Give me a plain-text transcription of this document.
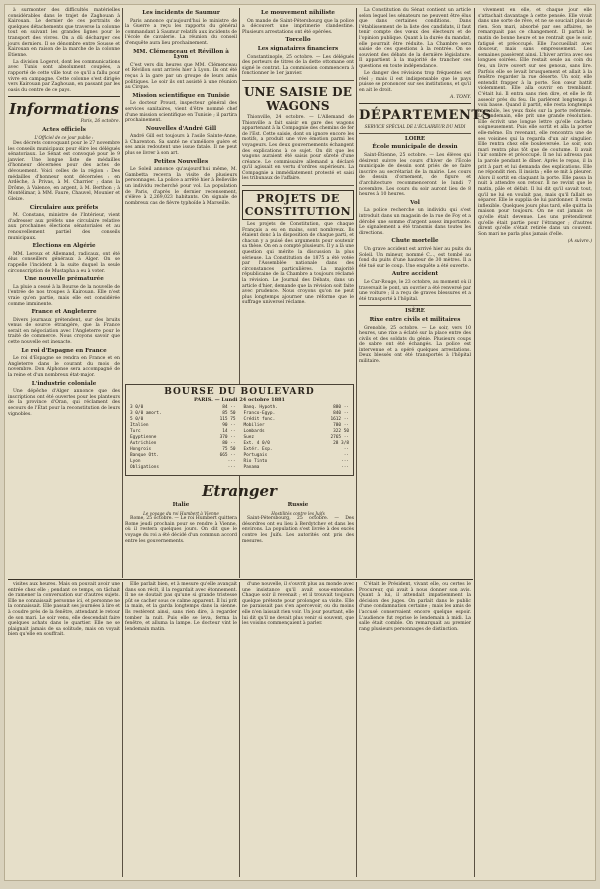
à surmonter des difficultés matérielles considérables dans le trajet de Zaghouan à Kairouan. Le dernier de ces portraits de quelques détachements que traverse la colonne tout en suivant les grandes lignes pour le transport des vivres. On a dû décharger ces jours derniers. Il se dénombre entre Sousse et Kairouan en raison de la marche de la colonne Etienne.

La division Logerot, dont les communications avec Tunis sont absolument coupées, a rapporté de cette ville tout ce qu'il a fallu pour vivre en campagne. Cette colonne s'est dirigée vers Kairouan par Zaghouan, en passant par les oasis du centre de ce pays.

Informations
Paris, 26 octobre.
Actes officiels
L'Officiel de ce jour publie :

Des décrets convoquant pour le 27 novembre les conseils municipaux pour élire les délégués sénatoriaux. Le Sénat est convoqué pour le 9 janvier. Une longue liste de médailles d'honneur décernées pour des actes de dévouement. Voici celles de la région : Des médailles d'honneur sont décernées : en Ardèche, à Privas, à M. Charrier ; dans la Drôme, à Valence, en argent, à M. Berthon ; à Montélimar, à MM. Faure, Chauvel, Mounier et Gleize.

Circulaire aux préfets

M. Constans, ministre de l'Intérieur, vient d'adresser aux préfets une circulaire relative aux prochaines élections sénatoriales et au renouvellement partiel des conseils municipaux.

Elections en Algérie

MM. Leroux et Allemand, radicaux, ont été élus conseillers généraux à Alger. On se rappelle l'incident à la suite duquel la seule circonscription de Mustapha a eu à voter.

Une nouvelle prématurée

La pluie a cessé à la Bourse de la nouvelle de l'entrée de nos troupes à Kairouan. Elle n'est vraie qu'en partie, mais elle est considérée comme imminente.

France et Angleterre

Divers journaux prétendent, sur des bruits venus de source étrangère, que la France serait en négociation avec l'Angleterre pour le traité de commerce. Nous croyons savoir que cette nouvelle est inexacte.

Le roi d'Espagne en France

Le roi d'Espagne se rendra en France et en Angleterre dans le courant du mois de novembre. Don Alphonse sera accompagné de la reine et d'un nombreux état-major.

L'industrie coloniale

Une dépêche d'Alger annonce que des inscriptions ont été ouvertes pour les planteurs de la province d'Oran, qui réclament des secours de l'État pour la reconstitution de leurs vignobles.

Les incidents de Saumur

Paris annonce qu'aujourd'hui le ministre de la Guerre a reçu les rapports du général commandant à Saumur relatifs aux incidents de l'école de cavalerie. La réunion du conseil d'enquête aura lieu prochainement.

MM. Clémenceau et Révillon à Lyon

C'est vers dix heures que MM. Clémenceau et Révillon sont arrivés hier à Lyon. Ils ont été reçus à la gare par un groupe de leurs amis politiques. Le soir ils ont assisté à une réunion au Cirque.

Mission scientifique en Tunisie

Le docteur Proust, inspecteur général des services sanitaires, vient d'être nommé chef d'une mission scientifique en Tunisie ; il partira prochainement.

Nouvelles d'André Gill

André Gill est toujours à l'asile Sainte-Anne, à Charenton. Sa santé ne s'améliore guère et ses amis redoutent une issue fatale. Il ne peut plus se livrer à son art.

Petites Nouvelles

Le Soleil annonce qu'aujourd'hui même, M. Gambetta recevra la visite de plusieurs personnages. La police a arrêté hier à Belleville un individu recherché pour vol. La population de Paris, d'après le dernier recensement, s'élève à 2,269,023 habitants. On signale de nombreux cas de fièvre typhoïde à Marseille.

Le mouvement nihiliste

On mande de Saint-Pétersbourg que la police a découvert une imprimerie clandestine. Plusieurs arrestations ont été opérées.

Torcello
Les signataires financiers

Constantinople, 25 octobre. — Les délégués des porteurs de titres de la dette ottomane ont signé le contrat. La commission commencera à fonctionner le 1er janvier.

UNE SAISIE DE WAGONS

Thionville, 24 octobre. — L'Allemand de Thionville a fait saisir en gare des wagons appartenant à la Compagnie des chemins de fer de l'Est. Cette saisie, dont on ignore encore les motifs, a produit une vive émotion parmi les voyageurs. Les deux gouvernements échangent des explications à ce sujet. On dit que les wagons auraient été saisis pour sûreté d'une créance. Le commissaire allemand a déclaré qu'il agissait en vertu d'ordres supérieurs. La Compagnie a immédiatement protesté et saisi les tribunaux de l'affaire.

PROJETS DE CONSTITUTION

Les projets de Constitution, que chaque Français a eu en mains, sont nombreux. Ils étaient donc à la disposition de chaque parti, et chacun y a puisé des arguments pour soutenir sa thèse. On en a compté plusieurs. Il y a là une question qui mérite la discussion la plus sérieuse. La Constitution de 1875 a été votée par l'Assemblée nationale dans des circonstances particulières. La majorité républicaine de la Chambre a toujours réclamé la révision. Le Journal des Débats, dans un article d'hier, demande que la révision soit faite avec prudence. Nous croyons qu'on ne peut plus longtemps ajourner une réforme que le suffrage universel réclame.

BOURSE DU BOULEVARD
PARIS. — Lundi 24 octobre 1881
3 0/0	84 ··
3 0/0 amort.	85 50
5 0/0	115 75
Italien	90 ··
Turc	14 ··
Egyptienne	370 ··
Autrichien	80 ··
Hongrois	75 50
Banque Ott.	665 ··
Lyon	···
Obligations	···
Banq. Hypoth.	880 ··
Franco-Egyp.	840 ··
Crédit fonc.	1612 ··
Mobilier	780 ··
Lombards	322 50
Suez	2765 ··
Ext. 4 0/0	28 3/8
Extér. Esp.	··
Portugais	··
Rio Tinto	···
Panama	···
Etranger
Italie
Le voyage du roi Humbert à Vienne

Rome, 25 octobre. — Le roi Humbert quittera Rome jeudi prochain pour se rendre à Vienne, où il restera quelques jours. On dit que le voyage du roi a été décidé d'un commun accord entre les gouvernements.

Russie
Hostilités contre les Juifs

Saint-Pétersbourg, 25 octobre. — Des désordres ont eu lieu à Berdytchev et dans les environs. La population s'est livrée à des excès contre les Juifs. Les autorités ont pris des mesures.

La Constitution du Sénat contient un article selon lequel les sénateurs ne peuvent être élus que dans certaines conditions. Dans l'établissement de la liste des candidats, il faut tenir compte des vœux des électeurs et de l'opinion publique. Quant à la durée du mandat, elle pourrait être réduite. La Chambre sera saisie de ces questions à la rentrée. On se souvient des débats de la dernière législature. Il appartient à la majorité de trancher ces questions en toute indépendance.

Le danger des révisions trop fréquentes est réel ; mais il est indispensable que le pays puisse se prononcer sur ses institutions, et qu'il en ait le droit.

A. TONY.
DÉPARTEMENTS
SERVICE SPÉCIAL DE L'ÉCLAIREUR DU MIDI
LOIRE
École municipale de dessin

Saint-Étienne, 25 octobre. — Les élèves qui désirent suivre les cours d'hiver de l'École municipale de dessin sont priés de se faire inscrire au secrétariat de la mairie. Les cours de dessin d'ornement, de figure et d'architecture recommenceront le lundi 7 novembre. Les cours du soir auront lieu de 8 heures à 10 heures.

Vol

La police recherche un individu qui s'est introduit dans un magasin de la rue de Foy et a dérobé une somme d'argent assez importante. Le signalement a été transmis dans toutes les directions.

Chute mortelle

Un grave accident est arrivé hier au puits du Soleil. Un mineur, nommé C..., est tombé au fond du puits d'une hauteur de 30 mètres. Il a été tué sur le coup. Une enquête a été ouverte.

Autre accident

Le Car-Rouge, le 23 octobre, au moment où il traversait le pont, un ouvrier a été renversé par une voiture ; il a reçu de graves blessures et a été transporté à l'hôpital.

ISÈRE
Rixe entre civils et militaires

Grenoble, 25 octobre. — Le soir, vers 10 heures, une rixe a éclaté sur la place entre des civils et des soldats du génie. Plusieurs coups de sabre ont été échangés. La police est intervenue et a opéré quelques arrestations. Deux blessés ont été transportés à l'hôpital militaire.

vivement en elle, et chaque jour elle s'attachait davantage à cette pensée. Elle vivait dans une sorte de rêve, et ne se souciait plus de rien. Son mari, absorbé par ses affaires, ne remarquait pas ce changement. Il partait le matin de bonne heure et ne rentrait que le soir, fatigué et préoccupé. Elle l'accueillait avec douceur, mais sans empressement. Les semaines passèrent ainsi. L'hiver arriva avec ses longues soirées. Elle restait seule au coin du feu, un livre ouvert sur ses genoux, sans lire. Parfois elle se levait brusquement et allait à la fenêtre regarder la rue déserte. Un soir, elle entendit frapper à la porte. Son cœur battit violemment. Elle alla ouvrir en tremblant. C'était lui. Il entra sans rien dire, et elle le fit asseoir près du feu. Ils parlèrent longtemps à voix basse. Quand il partit, elle resta longtemps immobile, les yeux fixés sur la porte refermée. Le lendemain, elle prit une grande résolution. Elle écrivit une longue lettre qu'elle cacheta soigneusement. Puis elle sortit et alla la porter elle-même. En revenant, elle rencontra une de ses voisines qui la regarda d'un air singulier. Elle rentra chez elle bouleversée. Le soir, son mari rentra plus tôt que de coutume. Il avait l'air sombre et préoccupé. Il ne lui adressa pas la parole pendant le dîner. Après le repas, il la prit à part et lui demanda des explications. Elle ne répondit rien. Il insista ; elle se mit à pleurer. Alors il sortit en claquant la porte. Elle passa la nuit à attendre son retour. Il ne revint que le matin, pâle et défait. Il lui dit qu'il savait tout, qu'il ne lui en voulait pas, mais qu'il fallait se séparer. Elle le supplia de lui pardonner. Il resta inflexible. Quelques jours plus tard, elle quitta la maison pour toujours. On ne sut jamais ce qu'elle était devenue. Les uns prétendirent qu'elle était partie pour l'étranger ; d'autres dirent qu'elle s'était retirée dans un couvent. Son mari ne parla plus jamais d'elle.

(A suivre.)

visites aux heures. Mais on pouvait avoir une entrée chez elle ; pendant ce temps, on tâchait de ramener la conversation sur d'autres sujets. Elle ne connaissait personne ici, et personne ne la connaissait. Elle passait ses journées à lire et à coudre près de la fenêtre, attendant le retour de son mari. Le soir venu, elle descendait faire quelques achats dans le quartier. Elle ne se plaignait jamais de sa solitude, mais on voyait bien qu'elle en souffrait.

Elle parlait bien, et à mesure qu'elle avançait dans son récit, il la regardait avec étonnement. Il ne se doutait pas qu'une si grande tristesse pût se cacher sous ce calme apparent. Il lui prit la main, et la garda longtemps dans la sienne. Ils restèrent ainsi, sans rien dire, à regarder tomber la nuit. Puis elle se leva, ferma la fenêtre, et alluma la lampe. Le docteur vint le lendemain matin.

d'une nouvelle, il s'ouvrit plus au monde avec une insistance qu'il avait sous-entendue. Chaque soir il revenait ; et il trouvait toujours quelque prétexte pour prolonger sa visite. Elle ne paraissait pas s'en apercevoir, ou du moins elle n'en laissait rien voir. Un jour pourtant, elle lui dit qu'il ne devait plus venir si souvent, que les voisins commençaient à parler.

C'était le Président, vivant elle, ou certes le Procureur, qui avait à nous donner son avis. Quant à lui, il attendait impatiemment la décision des juges. On parlait dans le public d'une condamnation certaine ; mais les amis de l'accusé conservaient encore quelque espoir. L'audience fut reprise le lendemain à midi. La salle était comble. On remarquait au premier rang plusieurs personnages de distinction.
